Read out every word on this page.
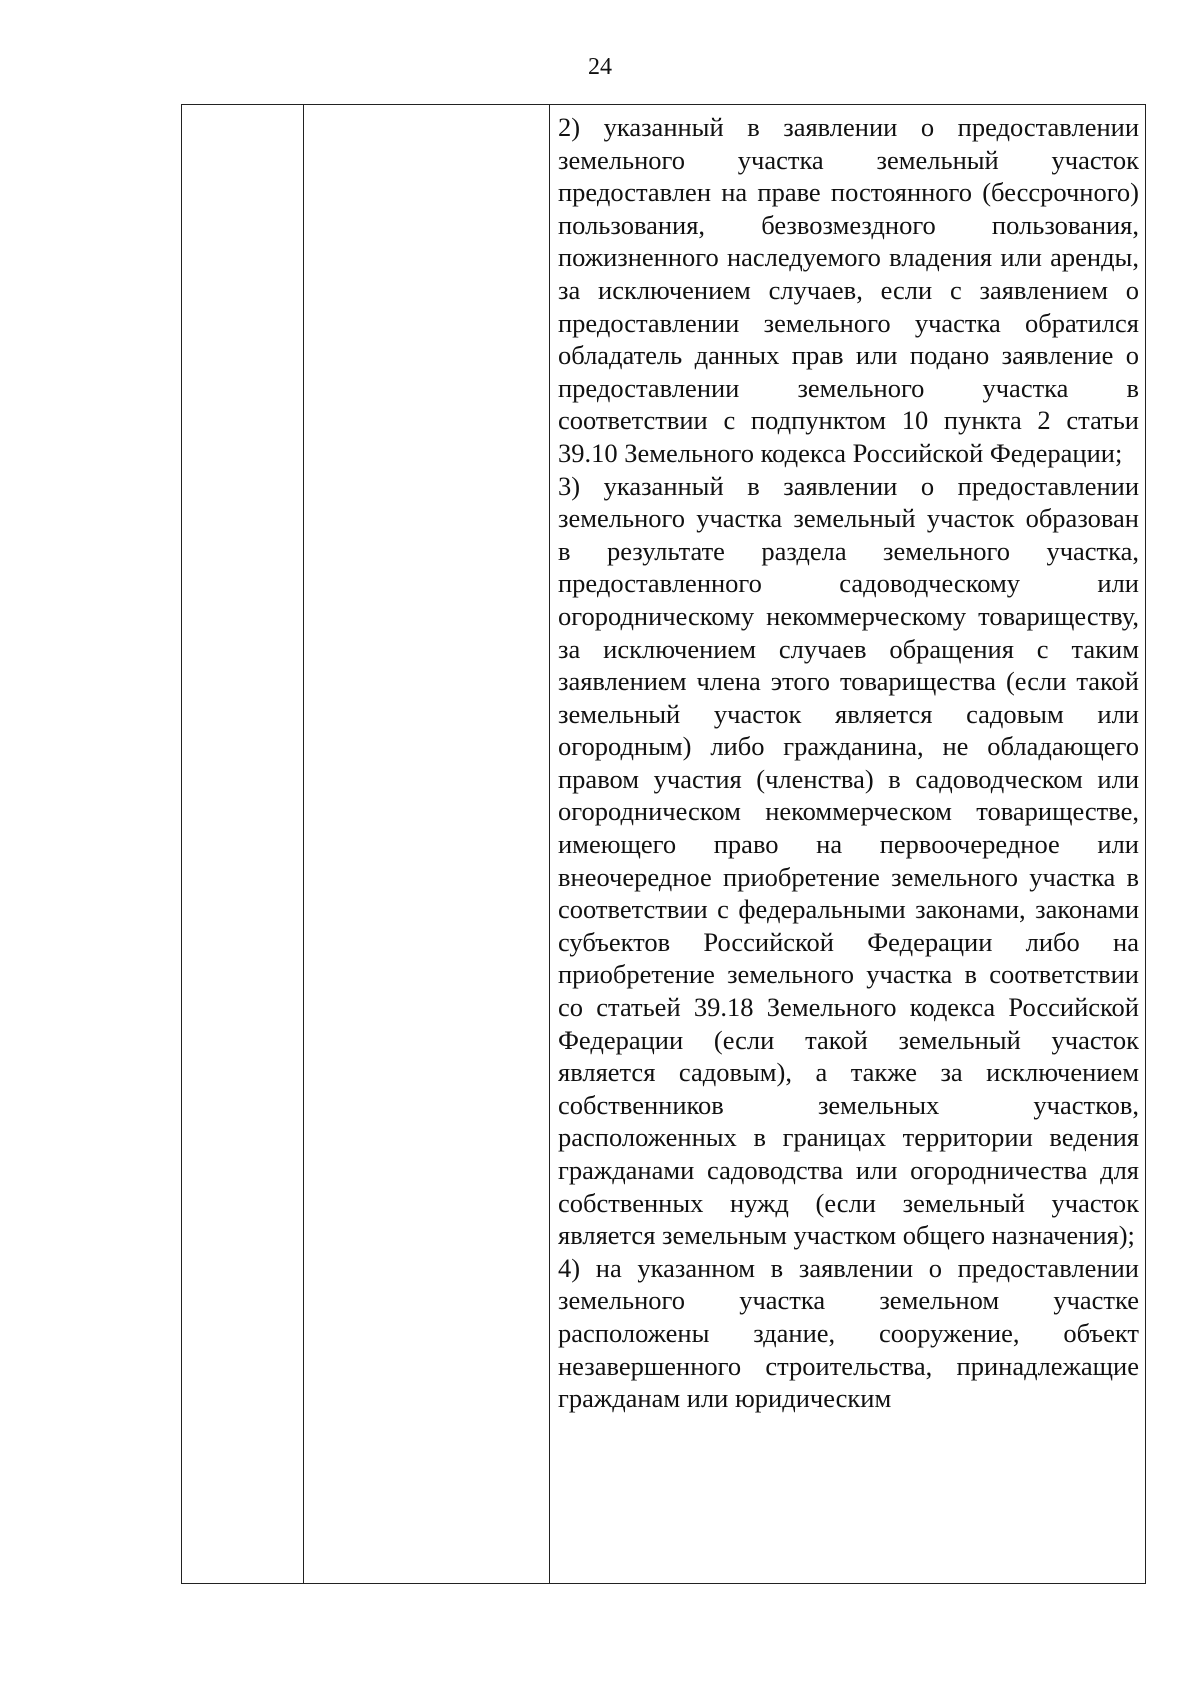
24

2) указанный в заявлении о предоставлении земельного участка земельный участок предоставлен на праве постоянного (бессрочного) пользования, безвозмездного пользования, пожизненного наследуемого владения или аренды, за исключением случаев, если с заявлением о предоставлении земельного участка обратился обладатель данных прав или подано заявление о предоставлении земельного участка в соответствии с подпунктом 10 пункта 2 статьи 39.10 Земельного кодекса Российской Федерации;

3) указанный в заявлении о предоставлении земельного участка земельный участок образован в результате раздела земельного участка, предоставленного садоводческому или огородническому некоммерческому товариществу, за исключением случаев обращения с таким заявлением члена этого товарищества (если такой земельный участок является садовым или огородным) либо гражданина, не обладающего правом участия (членства) в садоводческом или огородническом некоммерческом товариществе, имеющего право на первоочередное или внеочередное приобретение земельного участка в соответствии с федеральными законами, законами субъектов Российской Федерации либо на приобретение земельного участка в соответствии со статьей 39.18 Земельного кодекса Российской Федерации (если такой земельный участок является садовым), а также за исключением собственников земельных участков, расположенных в границах территории ведения гражданами садоводства или огородничества для собственных нужд (если земельный участок является земельным участком общего назначения);

4) на указанном в заявлении о предоставлении земельного участка земельном участке расположены здание, сооружение, объект незавершенного строительства, принадлежащие гражданам или юридическим
